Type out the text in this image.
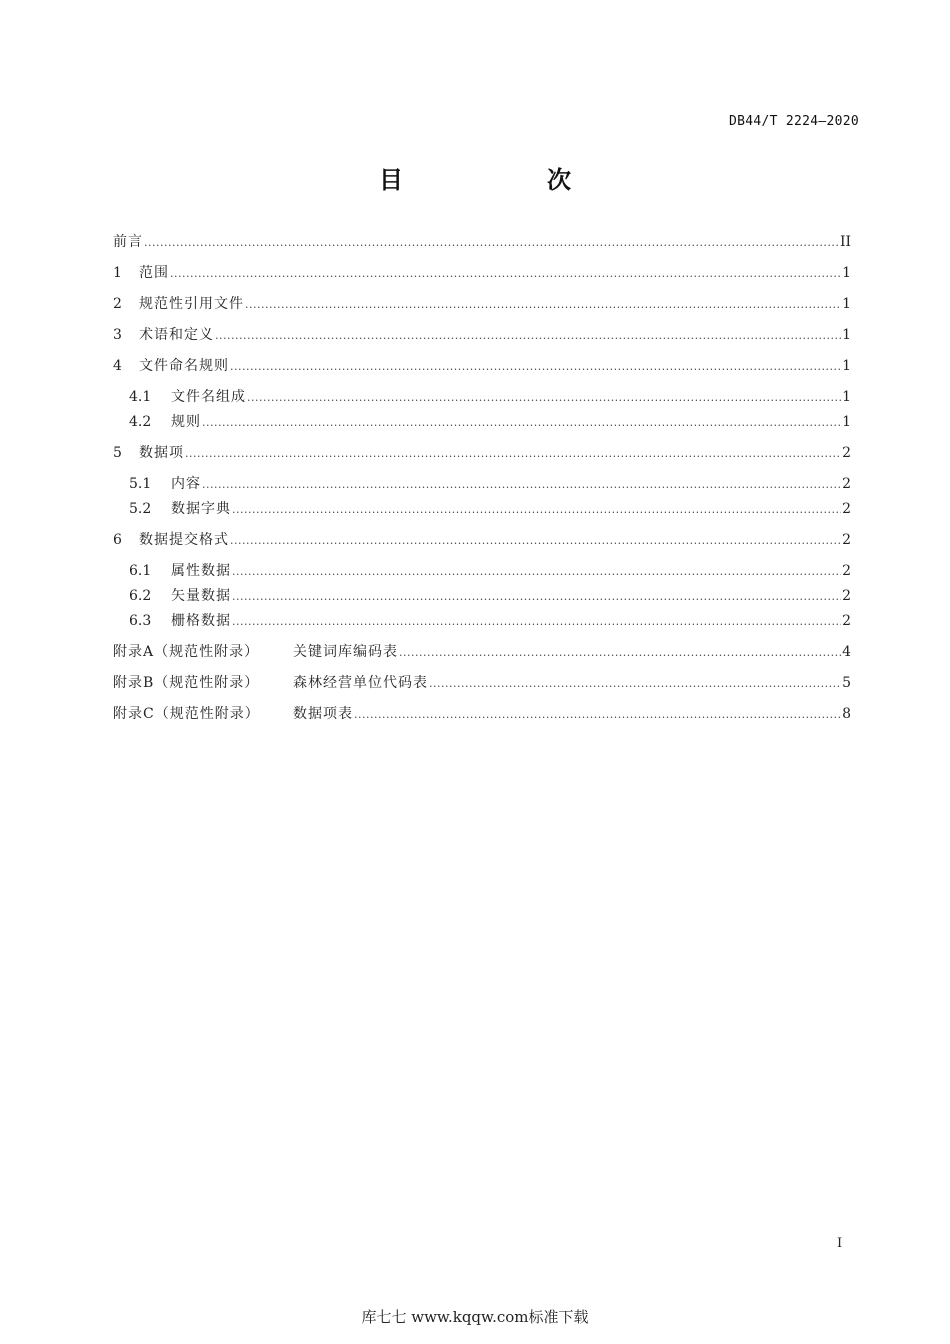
DB44/T 2224—2020
目　次
前言 .....	II
1	范围 .....	1
2	规范性引用文件 .....	1
3	术语和定义 .....	1
4	文件命名规则 .....	1
4.1	文件名组成 .....	1
4.2	规则 .....	1
5	数据项 .....	2
5.1	内容 .....	2
5.2	数据字典 .....	2
6	数据提交格式 .....	2
6.1	属性数据 .....	2
6.2	矢量数据 .....	2
6.3	栅格数据 .....	2
附录A（规范性附录）	关键词库编码表 .....	4
附录B（规范性附录）	森林经营单位代码表 .....	5
附录C（规范性附录）	数据项表 .....	8
I
库七七 www.kqqw.com标准下载
